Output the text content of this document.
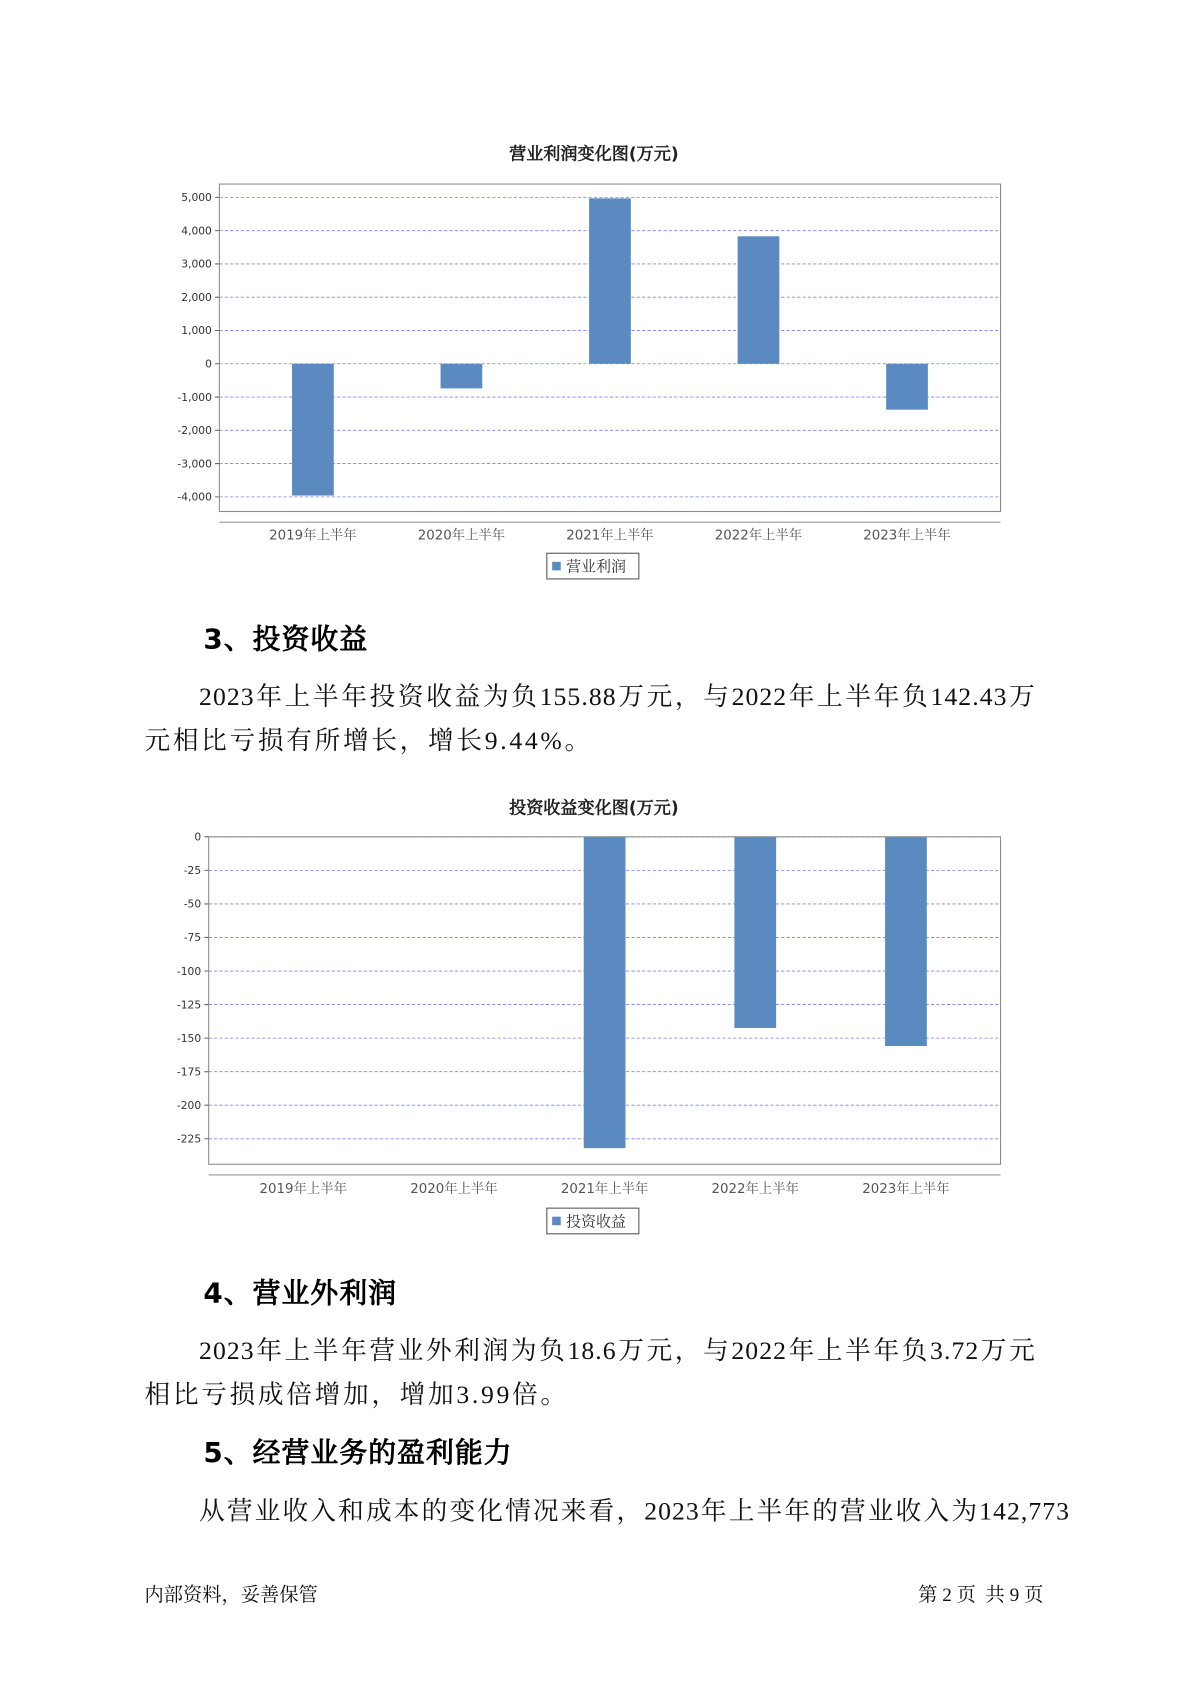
营业利润变化图(万元)
5,000
4,000
3,000
2,000
1,000
0
-1,000
-2,000
-3,000
-4,000
2019年上半年	2020年上半年	2021年上半年	2022年上半年	2023年上半年
营业利润
3、投资收益

2023年上半年投资收益为负155.88万元，与2022年上半年负142.43万

元相比亏损有所增长，增长9.44%。

投资收益变化图(万元)
0
-25
-50
-75
-100
-125
-150
-175
-200
-225
2019年上半年	2020年上半年	2021年上半年	2022年上半年	2023年上半年
投资收益
4、营业外利润

2023年上半年营业外利润为负18.6万元，与2022年上半年负3.72万元

相比亏损成倍增加，增加3.99倍。

5、经营业务的盈利能力

从营业收入和成本的变化情况来看，2023年上半年的营业收入为142,773

内部资料，妥善保管	第 2 页  共 9 页
